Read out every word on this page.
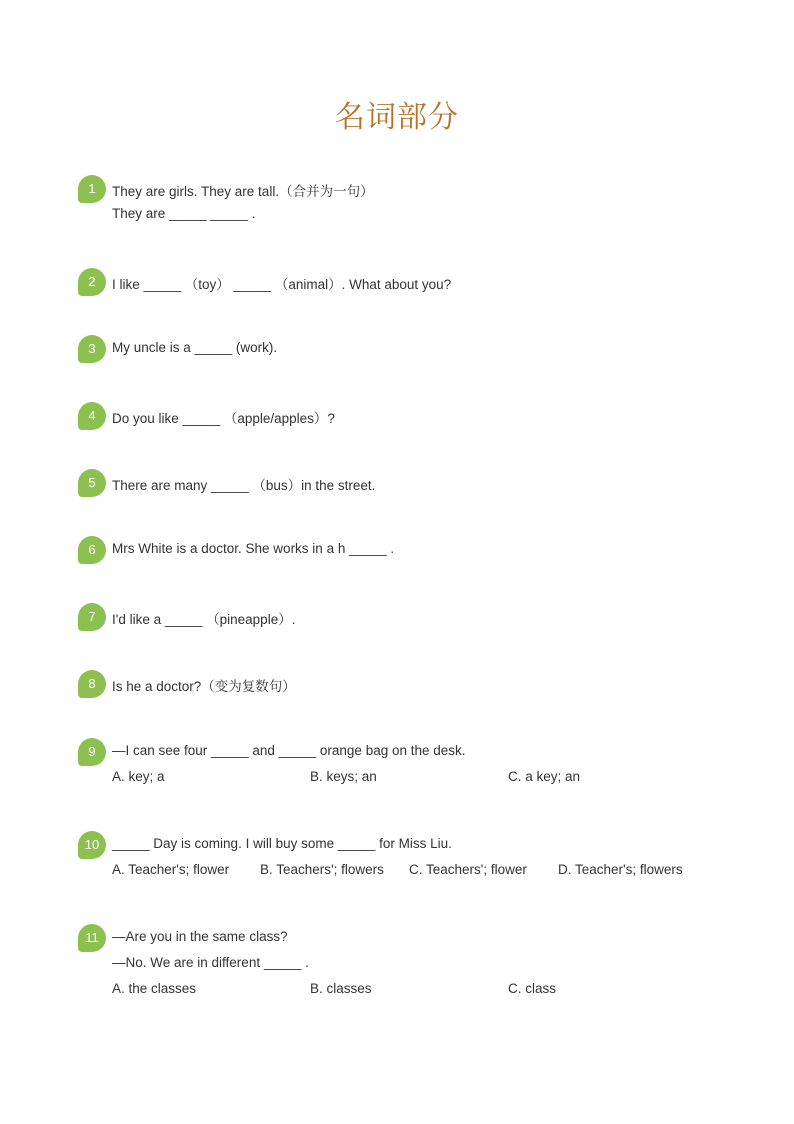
名词部分
1	They are girls. They are tall.（合并为一句）
They are _____ _____ .
2	I like _____ （toy） _____ （animal）. What about you?
3	My uncle is a _____ (work).
4	Do you like _____ （apple/apples）?
5	There are many _____ （bus）in the street.
6	Mrs White is a doctor. She works in a h _____ .
7	I'd like a _____ （pineapple）.
8	Is he a doctor?（变为复数句）
9	—I can see four _____ and _____ orange bag on the desk.
A. key; a	B. keys; an	C. a key; an
10 _____ Day is coming. I will buy some _____ for Miss Liu.
A. Teacher's; flower B. Teachers'; flowers C. Teachers'; flower D. Teacher's; flowers
11 —Are you in the same class?
—No. We are in different _____ .
A. the classes	B. classes	C. class
